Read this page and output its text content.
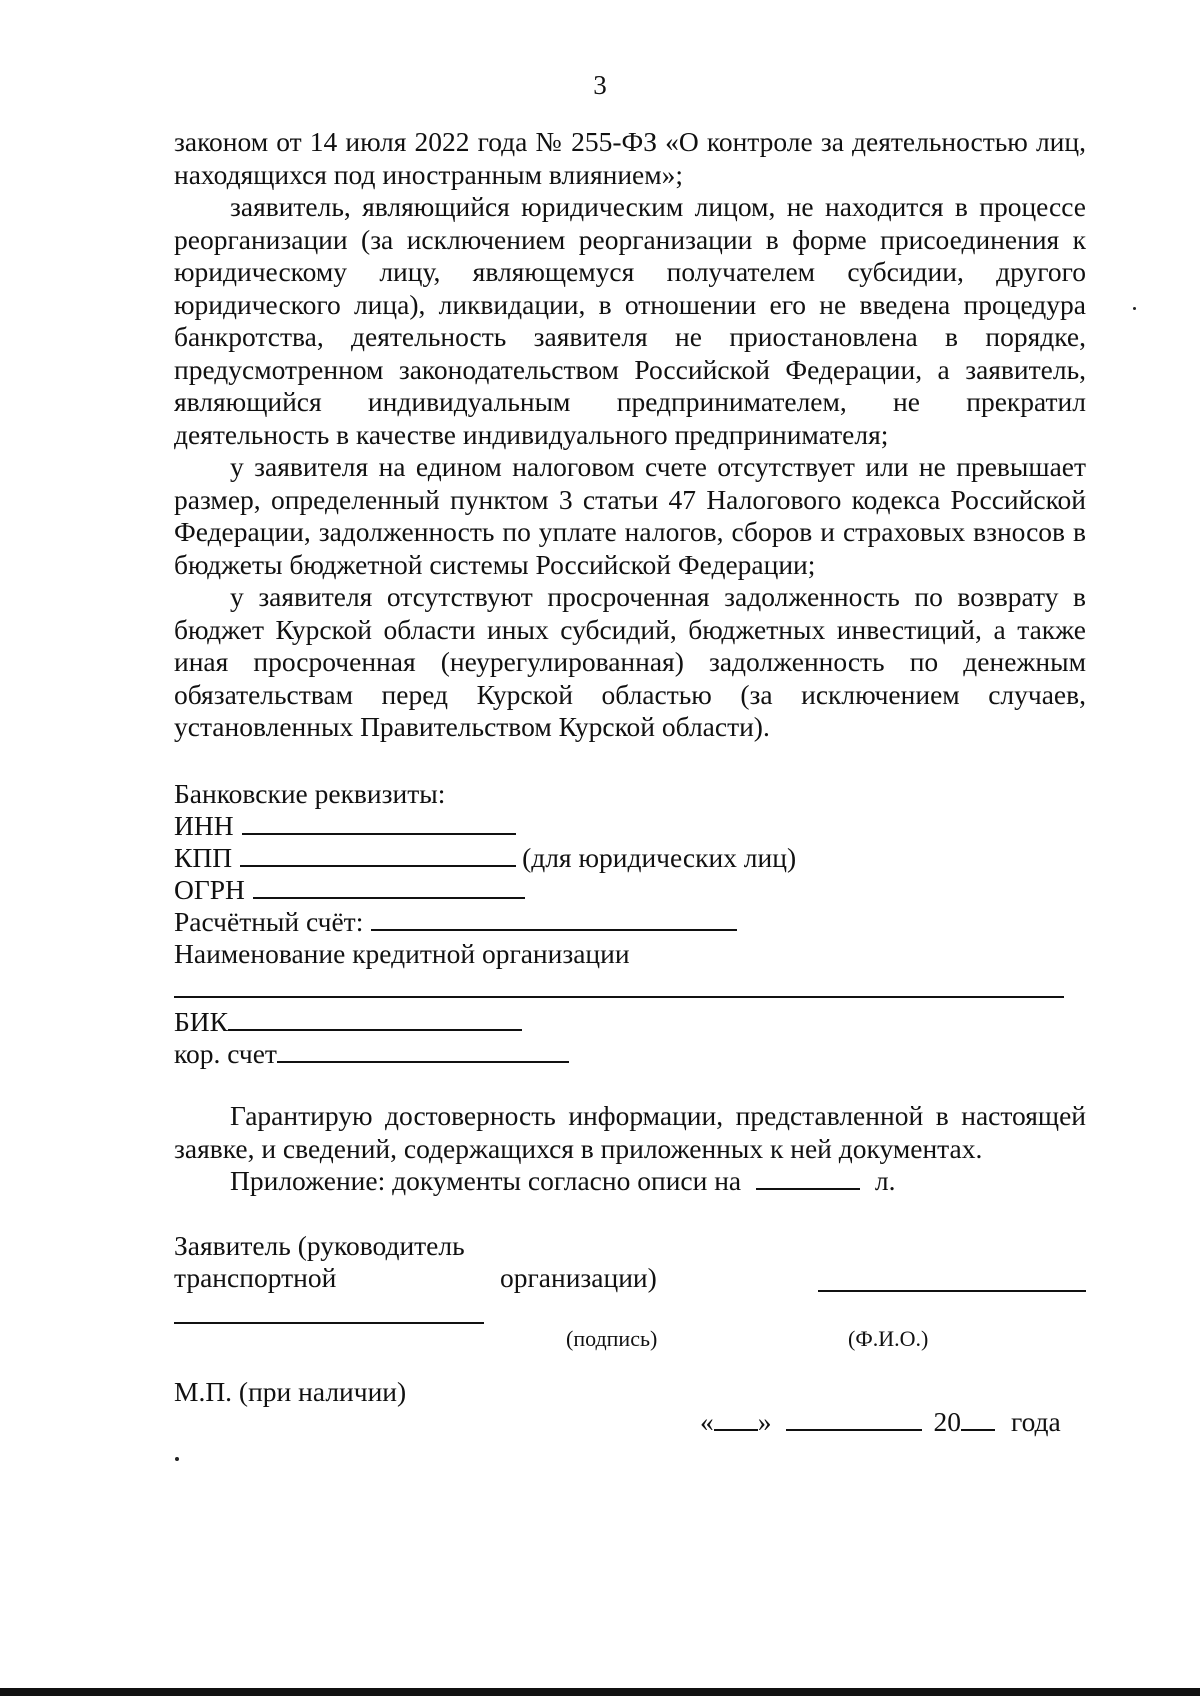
3

законом от 14 июля 2022 года № 255-ФЗ «О контроле за деятельностью лиц, находящихся под иностранным влиянием»;

заявитель, являющийся юридическим лицом, не находится в процессе реорганизации (за исключением реорганизации в форме присоединения к юридическому лицу, являющемуся получателем субсидии, другого юридического лица), ликвидации, в отношении его не введена процедура банкротства, деятельность заявителя не приостановлена в порядке, предусмотренном законодательством Российской Федерации, а заявитель, являющийся индивидуальным предпринимателем, не прекратил деятельность в качестве индивидуального предпринимателя;

у заявителя на едином налоговом счете отсутствует или не превышает размер, определенный пунктом 3 статьи 47 Налогового кодекса Российской Федерации, задолженность по уплате налогов, сборов и страховых взносов в бюджеты бюджетной системы Российской Федерации;

у заявителя отсутствуют просроченная задолженность по возврату в бюджет Курской области иных субсидий, бюджетных инвестиций, а также иная просроченная (неурегулированная) задолженность по денежным обязательствам перед Курской областью (за исключением случаев, установленных Правительством Курской области).

Банковские реквизиты:
ИНН
КПП	(для юридических лиц)
ОГРН
Расчётный счёт:
Наименование кредитной организации
БИК
кор. счет

Гарантирую достоверность информации, представленной в настоящей заявке, и сведений, содержащихся в приложенных к ней документах.

Приложение: документы согласно описи на	л.
Заявитель (руководитель
транспортной	организации)
(подпись)	(Ф.И.О.)
М.П. (при наличии)
« »	20 года
